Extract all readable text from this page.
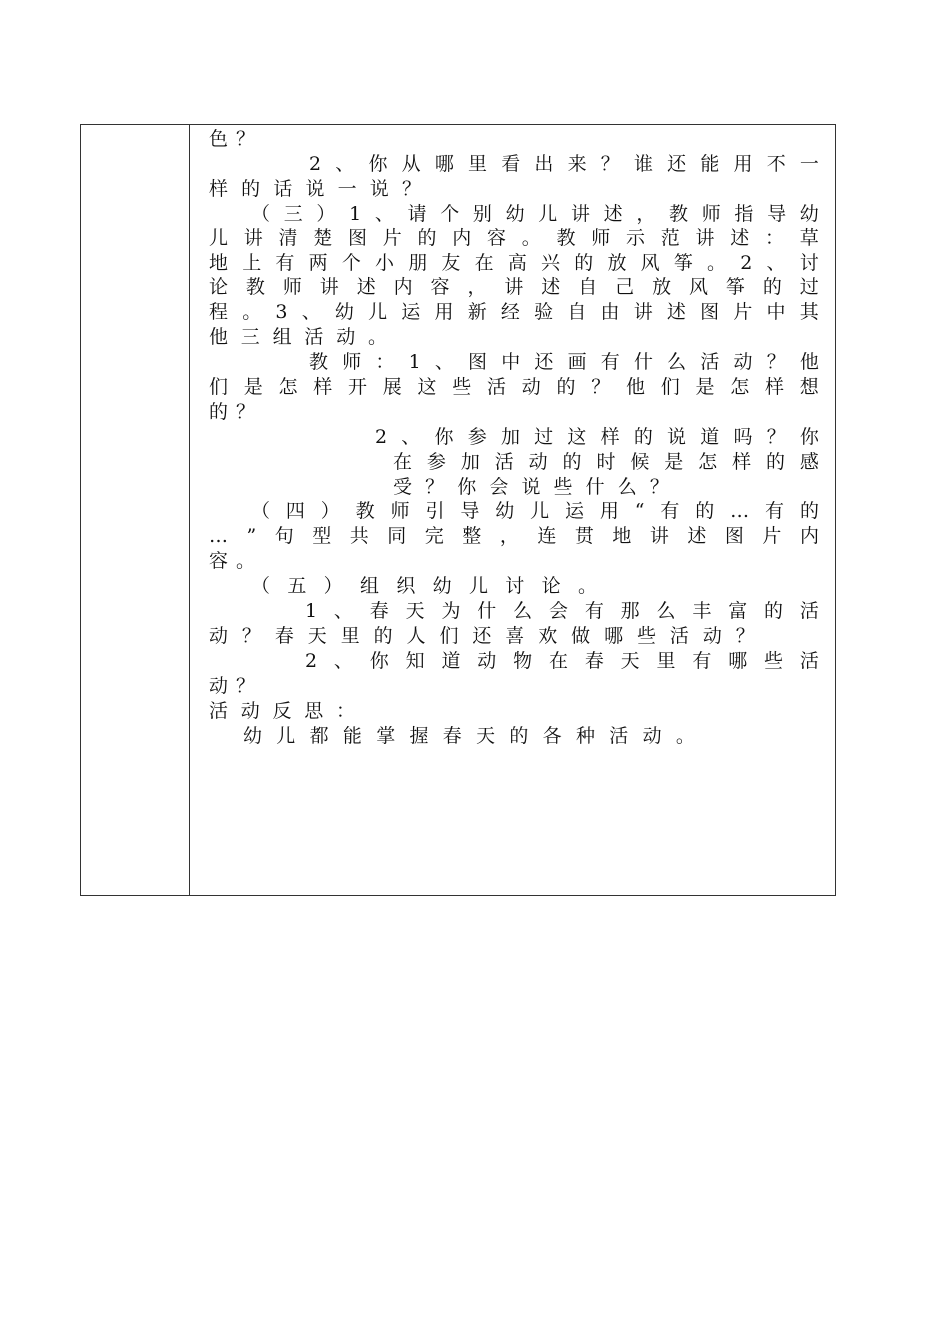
色 ？
2 、 你 从 哪 里 看 出 来 ？ 谁 还 能 用 不 一
样 的 话 说 一 说 ？
（ 三 ） 1 、 请 个 别 幼 儿 讲 述 ， 教 师 指 导 幼
儿 讲 清 楚 图 片 的 内 容 。 教 师 示 范 讲 述 ： 草
地 上 有 两 个 小 朋 友 在 高 兴 的 放 风 筝 。 2 、 讨
论 教 师 讲 述 内 容 ， 讲 述 自 己 放 风 筝 的 过
程 。 3 、 幼 儿 运 用 新 经 验 自 由 讲 述 图 片 中 其
他 三 组 活 动 。
教 师 ： 1 、 图 中 还 画 有 什 么 活 动 ？ 他
们 是 怎 样 开 展 这 些 活 动 的 ？ 他 们 是 怎 样 想
的 ？
2 、 你 参 加 过 这 样 的 说 道 吗 ？ 你
在 参 加 活 动 的 时 候 是 怎 样 的 感
受 ？ 你 会 说 些 什 么 ？
（ 四 ） 教 师 引 导 幼 儿 运 用 “ 有 的 … 有 的
… ” 句 型 共 同 完 整 ， 连 贯 地 讲 述 图 片 内
容 。
（ 五 ） 组 织 幼 儿 讨 论 。
1 、 春 天 为 什 么 会 有 那 么 丰 富 的 活
动 ？ 春 天 里 的 人 们 还 喜 欢 做 哪 些 活 动 ？
2 、 你 知 道 动 物 在 春 天 里 有 哪 些 活
动 ？
活 动 反 思 ：
幼 儿 都 能 掌 握 春 天 的 各 种 活 动 。
